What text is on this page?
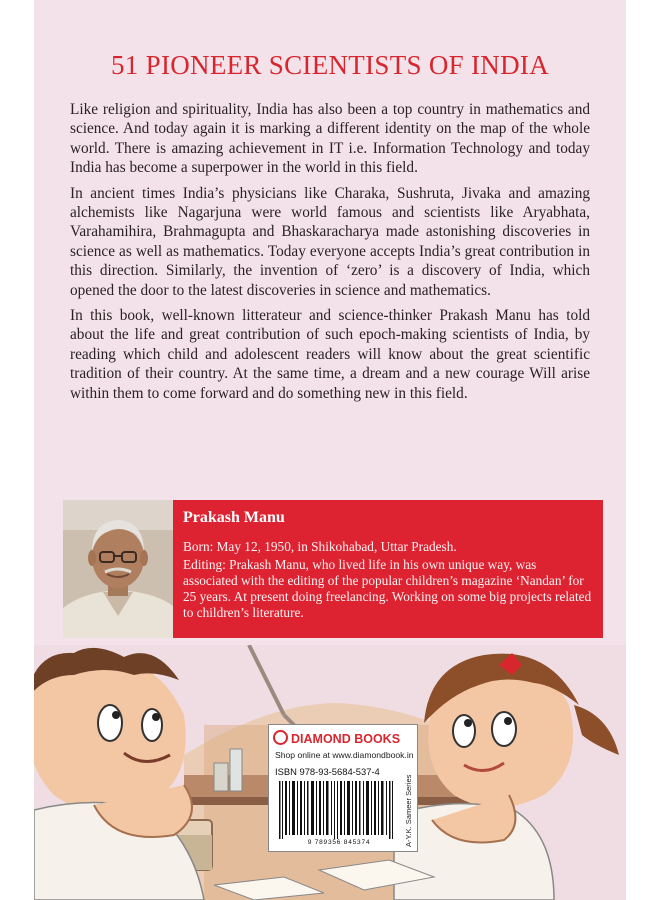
51 PIONEER SCIENTISTS OF INDIA

Like religion and spirituality, India has also been a top country in mathematics and science. And today again it is marking a different identity on the map of the whole world. There is amazing achievement in IT i.e. Information Technology and today India has become a superpower in the world in this field.

In ancient times India’s physicians like Charaka, Sushruta, Jivaka and amazing alchemists like Nagarjuna were world famous and scientists like Aryabhata, Varahamihira, Brahmagupta and Bhaskaracharya made astonishing discoveries in science as well as mathematics. Today everyone accepts India’s great contribution in this direction. Similarly, the invention of ‘zero’ is a discovery of India, which opened the door to the latest discoveries in science and mathematics.

In this book, well-known litterateur and science-thinker Prakash Manu has told about the life and great contribution of such epoch-making scientists of India, by reading which child and adolescent readers will know about the great scientific tradition of their country. At the same time, a dream and a new courage Will arise within them to come forward and do something new in this field.

Prakash Manu
Born: May 12, 1950, in Shikohabad, Uttar Pradesh.
Editing: Prakash Manu, who lived life in his own unique way, was associated with the editing of the popular children’s magazine ‘Nandan’ for 25 years. At present doing freelancing. Working on some big projects related to children’s literature.
DIAMOND BOOKS
Shop online at www.diamondbook.in
ISBN 978-93-5684-537-4
9 789356 845374	A-Y.K. Sameer Series
